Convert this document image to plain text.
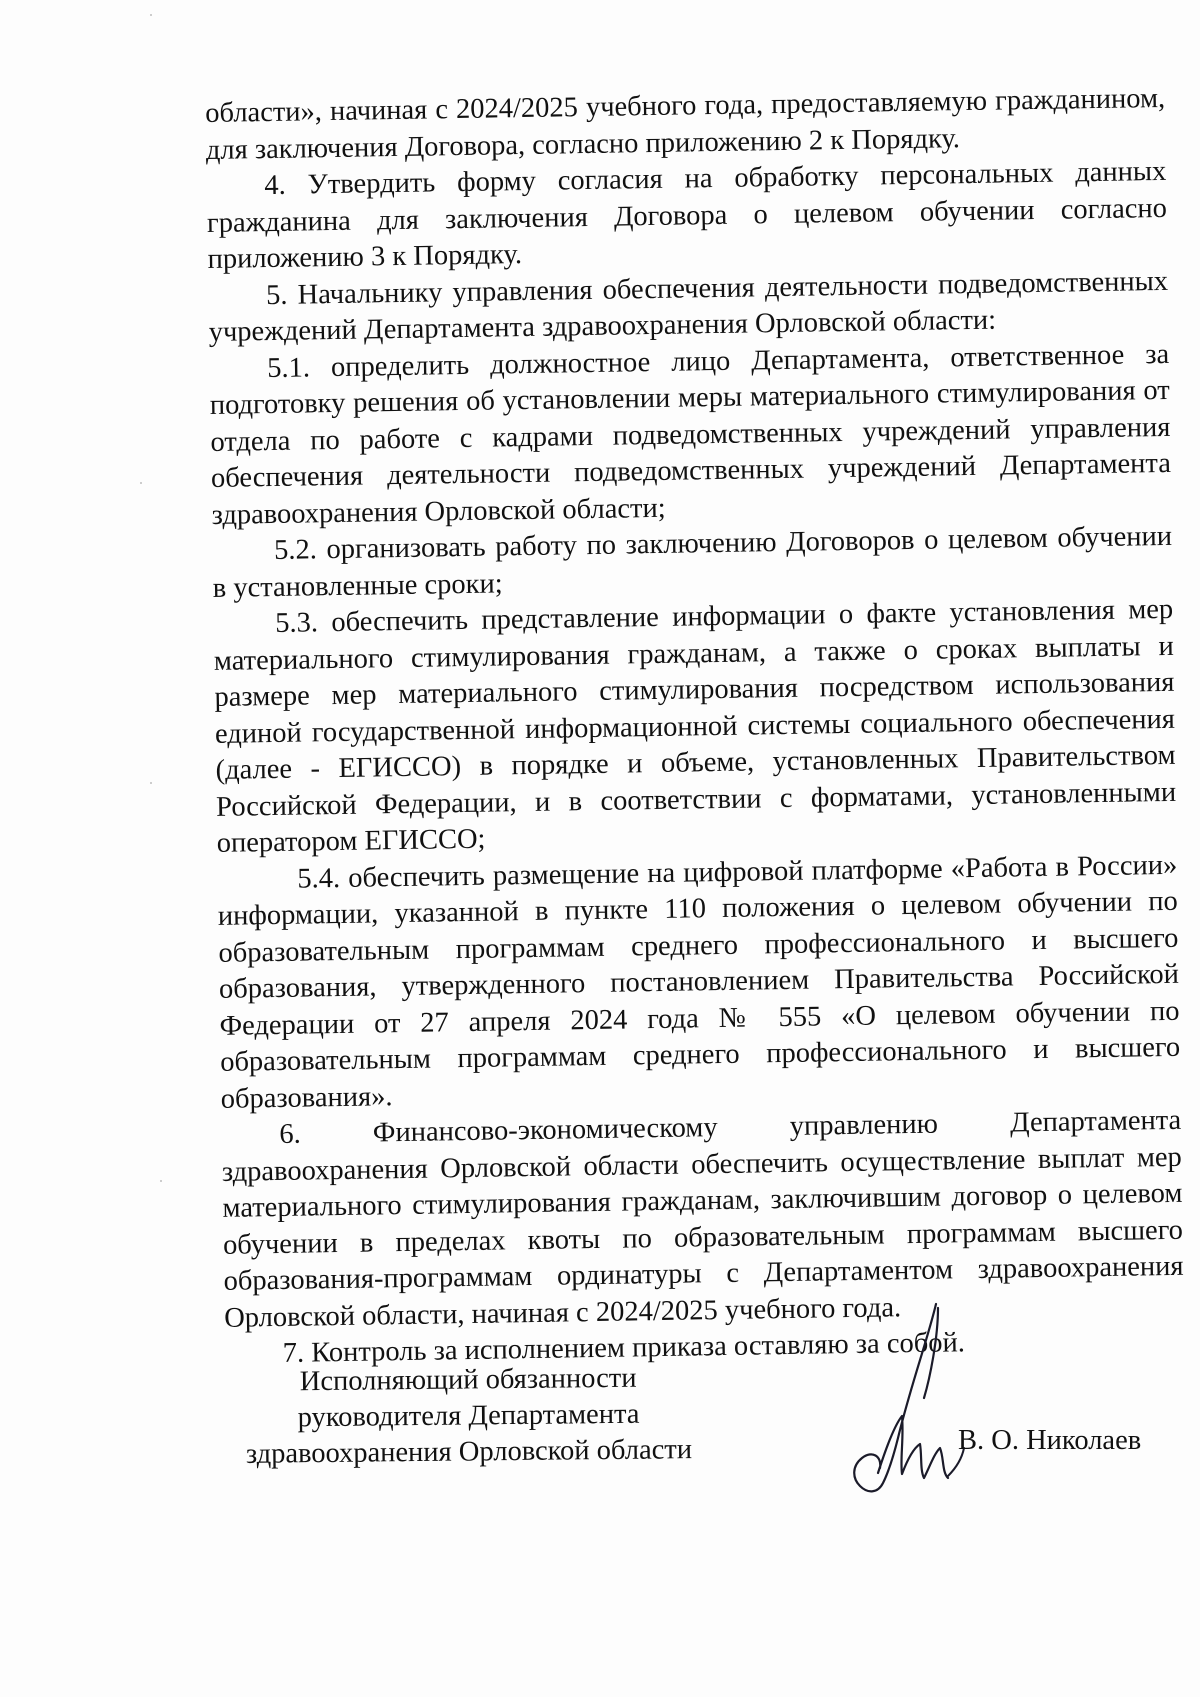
области», начиная с 2024/2025 учебного года, предоставляемую гражданином, для заключения Договора, согласно приложению 2 к Порядку.

4. Утвердить форму согласия на обработку персональных данных гражданина для заключения Договора о целевом обучении согласно приложению 3 к Порядку.

5. Начальнику управления обеспечения деятельности подведомственных учреждений Департамента здравоохранения Орловской области:

5.1. определить должностное лицо Департамента, ответственное за подготовку решения об установлении меры материального стимулирования от отдела по работе с кадрами подведомственных учреждений управления обеспечения деятельности подведомственных учреждений Департамента здравоохранения Орловской области;

5.2. организовать работу по заключению Договоров о целевом обучении в установленные сроки;

5.3. обеспечить представление информации о факте установления мер материального стимулирования гражданам, а также о сроках выплаты и размере мер материального стимулирования посредством использования единой государственной информационной системы социального обеспечения (далее - ЕГИССО) в порядке и объеме, установленных Правительством Российской Федерации, и в соответствии с форматами, установленными оператором ЕГИССО;

5.4. обеспечить размещение на цифровой платформе «Работа в России» информации, указанной в пункте 110 положения о целевом обучении по образовательным программам среднего профессионального и высшего образования, утвержденного постановлением Правительства Российской Федерации от 27 апреля 2024 года № 555 «О целевом обучении по образовательным программам среднего профессионального и высшего образования».

6. Финансово-экономическому управлению Департамента здравоохранения Орловской области обеспечить осуществление выплат мер материального стимулирования гражданам, заключившим договор о целевом обучении в пределах квоты по образовательным программам высшего образования-программам ординатуры с Департаментом здравоохранения Орловской области, начиная с 2024/2025 учебного года.

7. Контроль за исполнением приказа оставляю за собой.

Исполняющий обязанности
руководителя Департамента
здравоохранения Орловской области	В. О. Николаев
